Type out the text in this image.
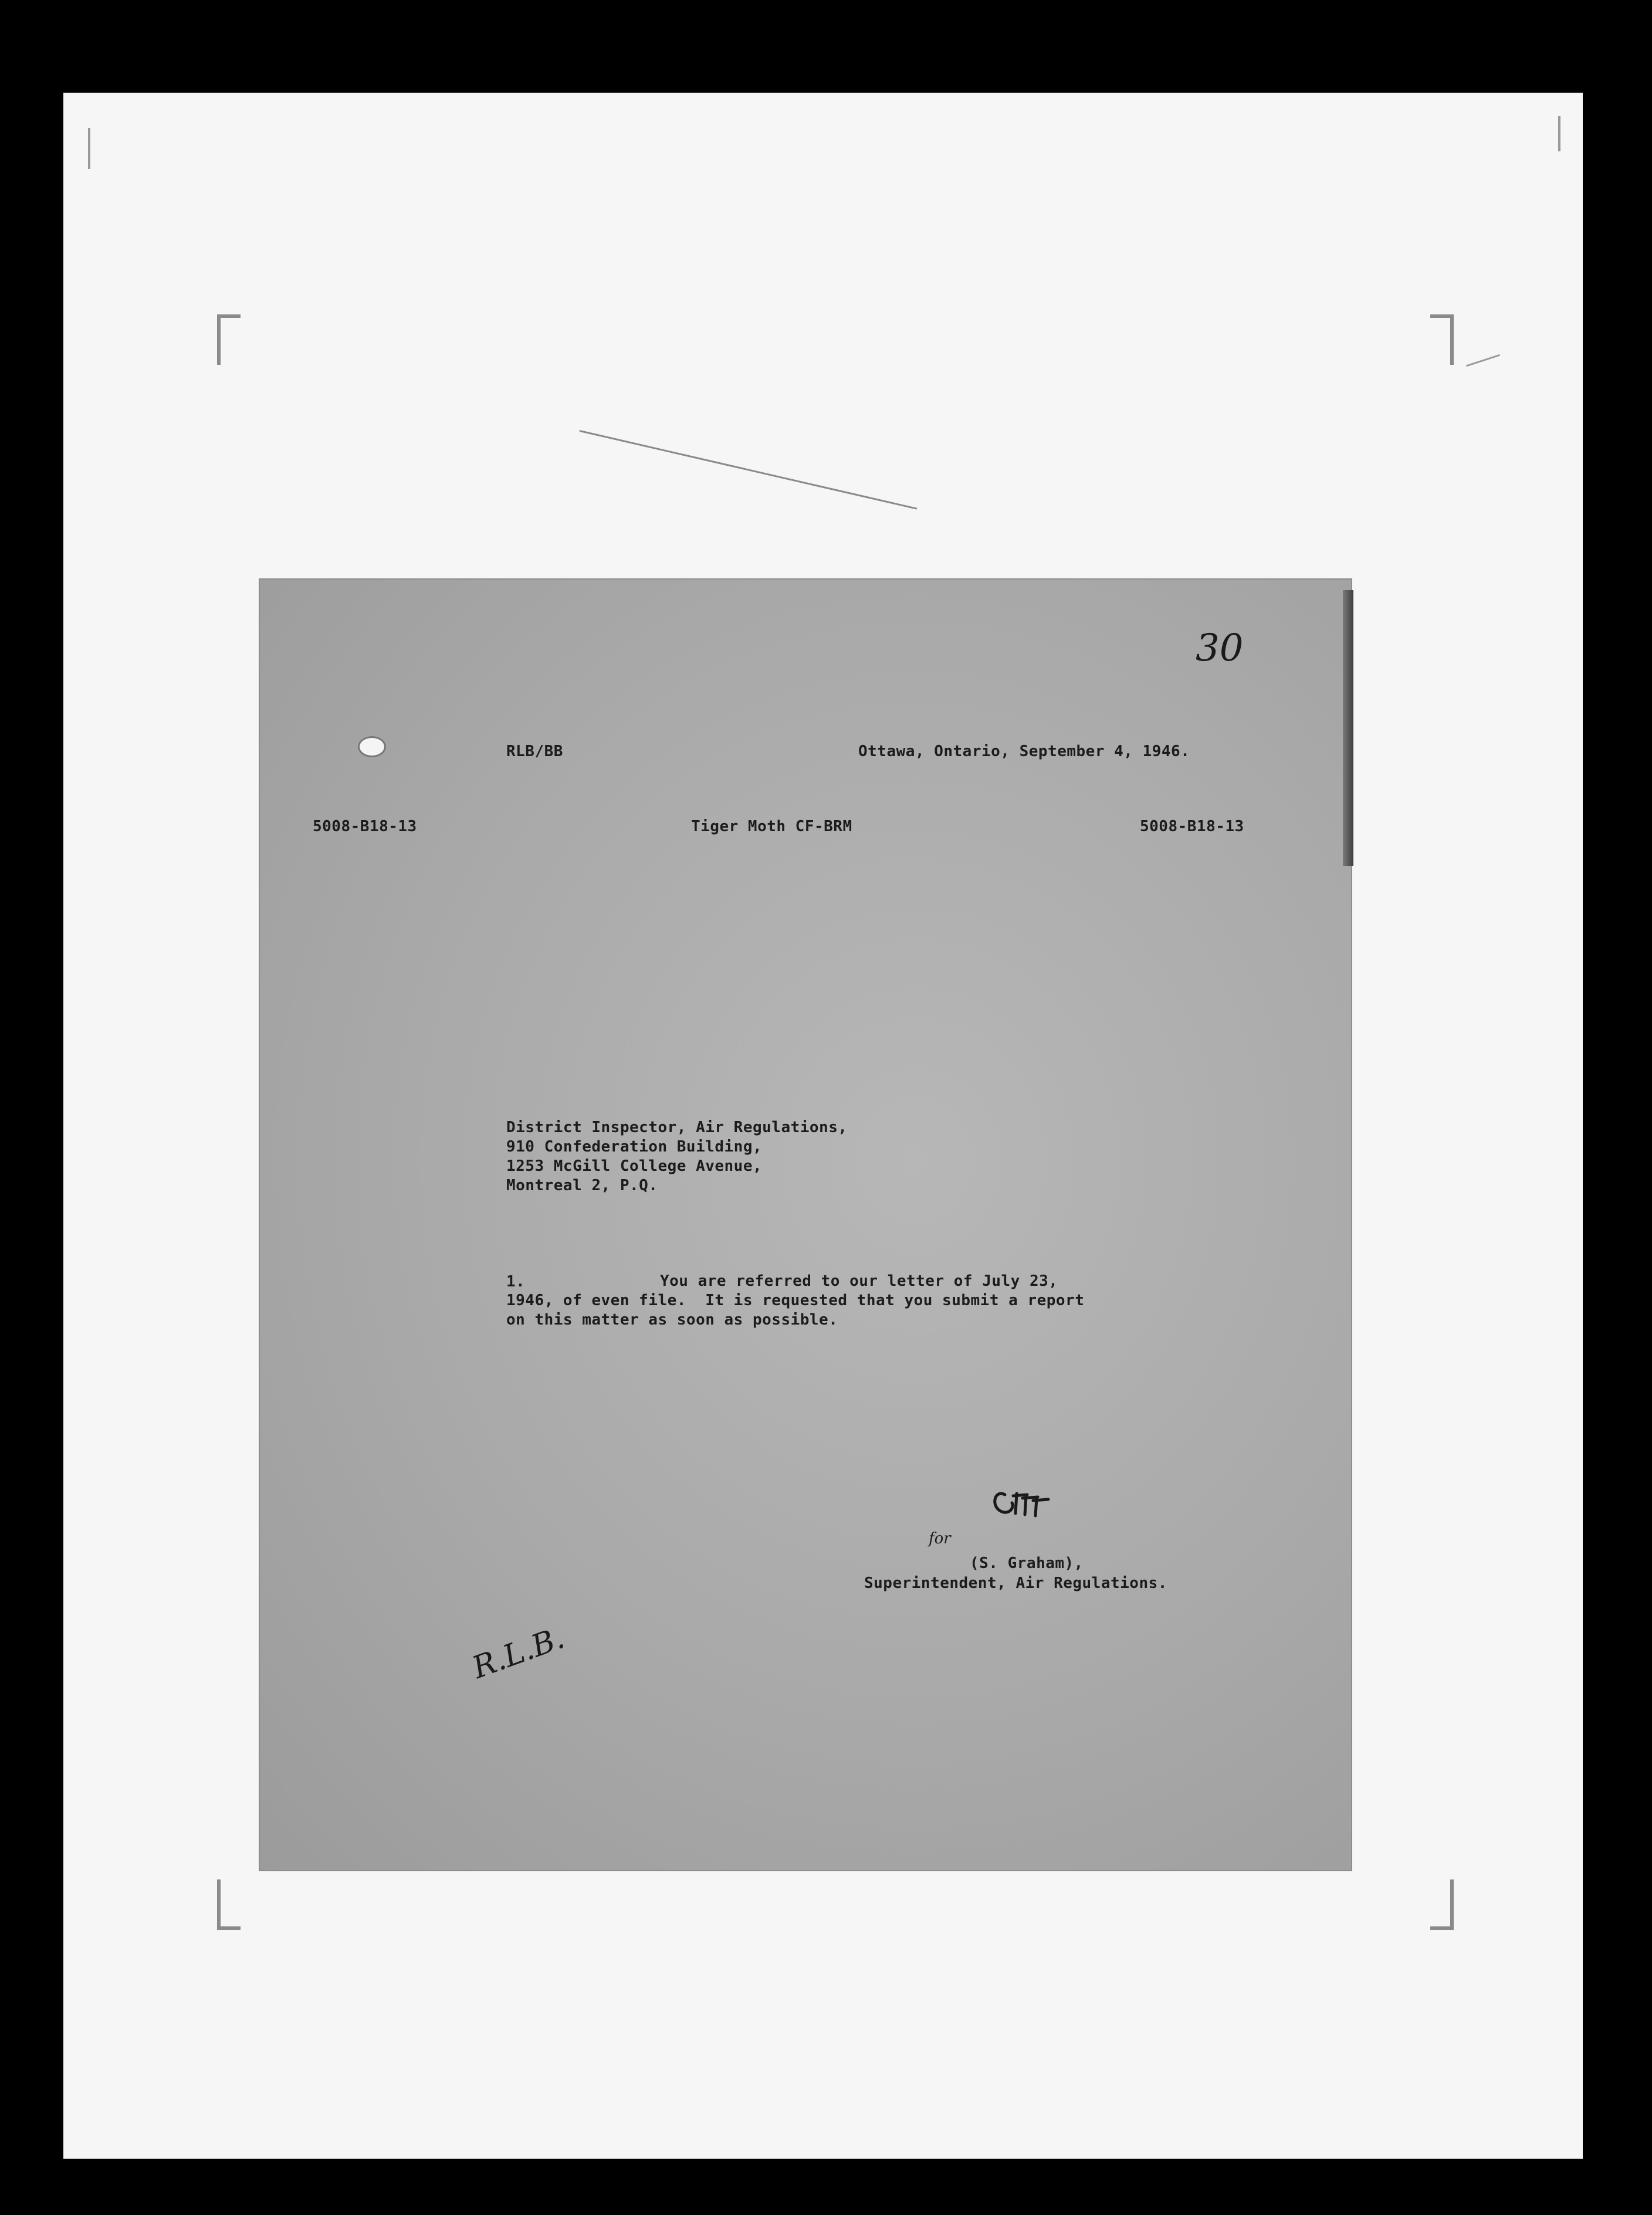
30

RLB/BB	Ottawa, Ontario, September 4, 1946.

5008-B18-13	Tiger Moth CF-BRM	5008-B18-13

District Inspector, Air Regulations,
910 Confederation Building,
1253 McGill College Avenue,
Montreal 2, P.Q.

1.	You are referred to our letter of July 23,
1946, of even file.  It is requested that you submit a report
on this matter as soon as possible.

for

(S. Graham),

Superintendent, Air Regulations.

R.L.B.
